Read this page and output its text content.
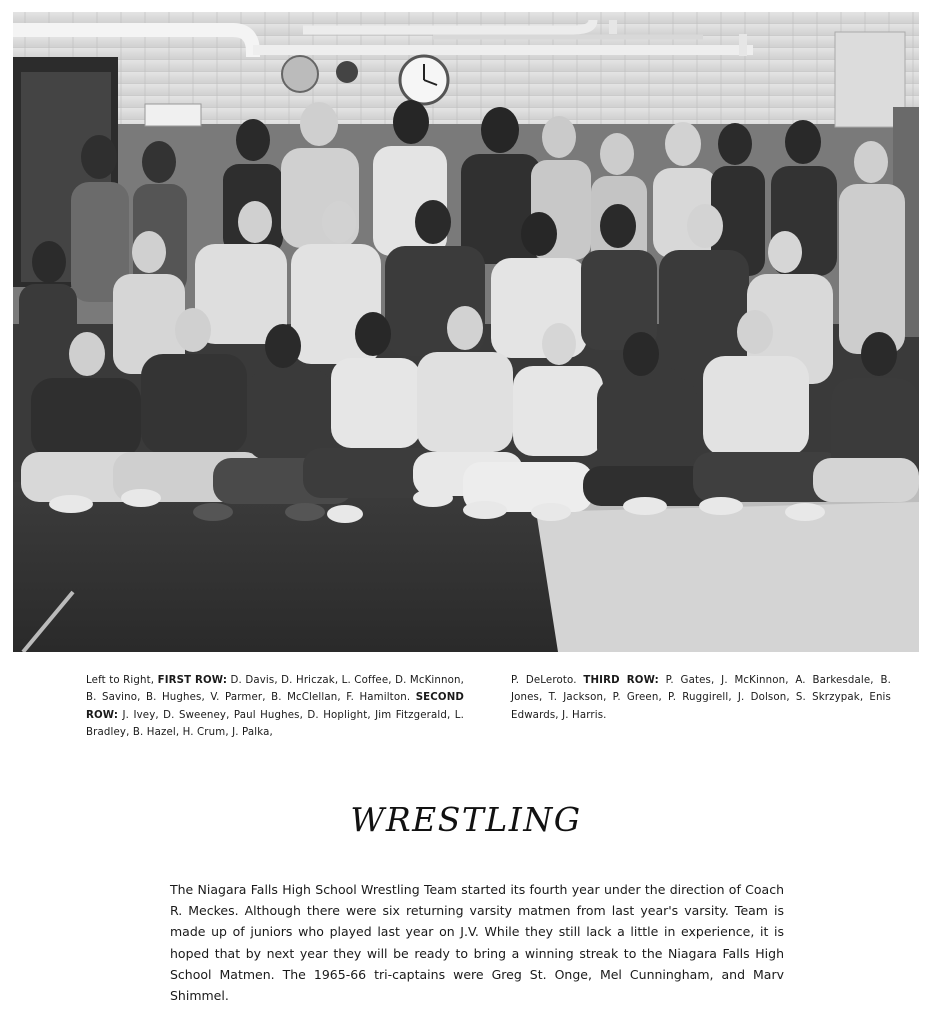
Left to Right, FIRST ROW: D. Davis, D. Hriczak, L. Coffee, D. McKinnon, B. Savino, B. Hughes, V. Parmer, B. McClellan, F. Hamilton. SECOND ROW: J. Ivey, D. Sweeney, Paul Hughes, D. Hoplight, Jim Fitzgerald, L. Bradley, B. Hazel, H. Crum, J. Palka,
P. DeLeroto. THIRD ROW: P. Gates, J. McKinnon, A. Barkesdale, B. Jones, T. Jackson, P. Green, P. Ruggirell, J. Dolson, S. Skrzypak, Enis Edwards, J. Harris.
WRESTLING
The Niagara Falls High School Wrestling Team started its fourth year under the direction of Coach R. Meckes. Although there were six returning varsity matmen from last year's varsity. Team is made up of juniors who played last year on J.V. While they still lack a little in experience, it is hoped that by next year they will be ready to bring a winning streak to the Niagara Falls High School Matmen. The 1965-66 tri-captains were Greg St. Onge, Mel Cunningham, and Marv Shimmel.
